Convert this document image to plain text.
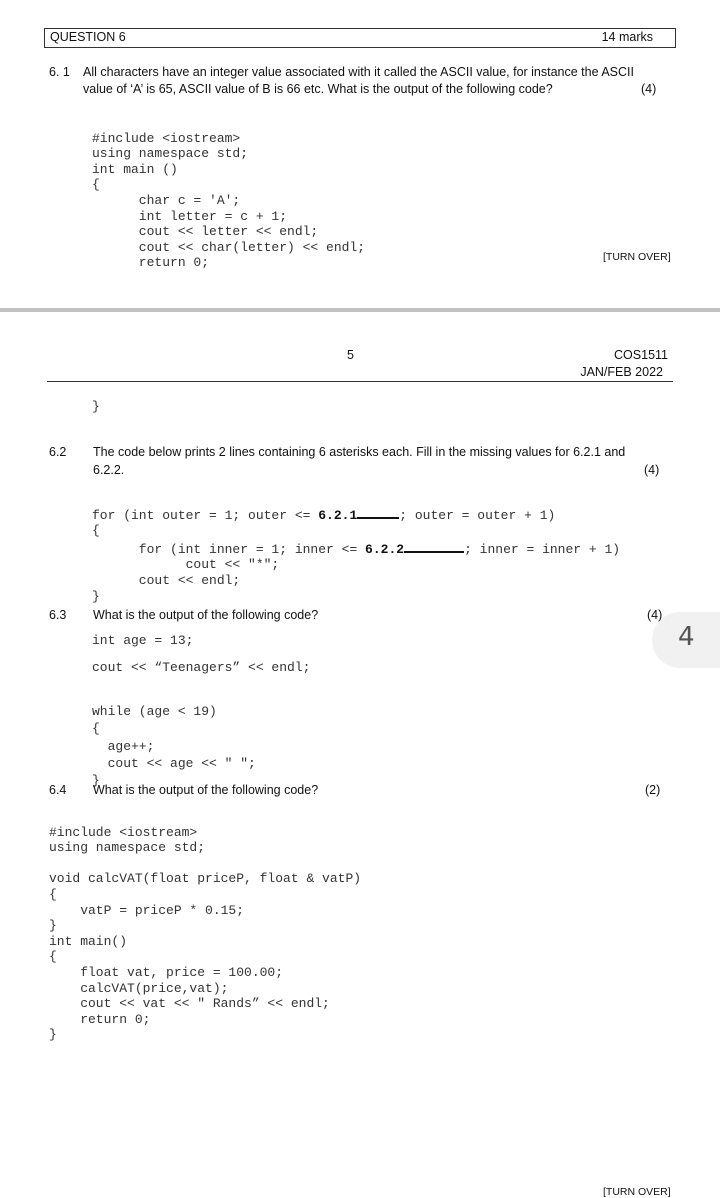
QUESTION 6	14 marks
6. 1	All characters have an integer value associated with it called the ASCII value, for instance the ASCII
value of ‘A’ is 65, ASCII value of B is 66 etc. What is the output of the following code?	(4)

#include <iostream>
using namespace std;
int main ()
{
char c = 'A';
int letter = c + 1;
cout << letter << endl;
cout << char(letter) << endl;
return 0;	[TURN OVER]
5	COS1511
JAN/FEB 2022
}
6.2	The code below prints 2 lines containing 6 asterisks each. Fill in the missing values for 6.2.1 and
6.2.2.	(4)

for (int outer = 1; outer <= 6.2.1	; outer = outer + 1)
{
for (int inner = 1; inner <= 6.2.2	; inner = inner + 1)
cout << "*";
cout << endl;
}

6.3	What is the output of the following code?	(4)
4
int age = 13;
cout << “Teenagers” << endl;

while (age < 19)
{
age++;
cout << age << " ";
}

6.4	What is the output of the following code?	(2)

#include <iostream>
using namespace std;
void calcVAT(float priceP, float & vatP)
{
vatP = priceP * 0.15;
}
int main()
{
float vat, price = 100.00;
calcVAT(price,vat);
cout << vat << " Rands” << endl;
return 0;
}

[TURN OVER]
